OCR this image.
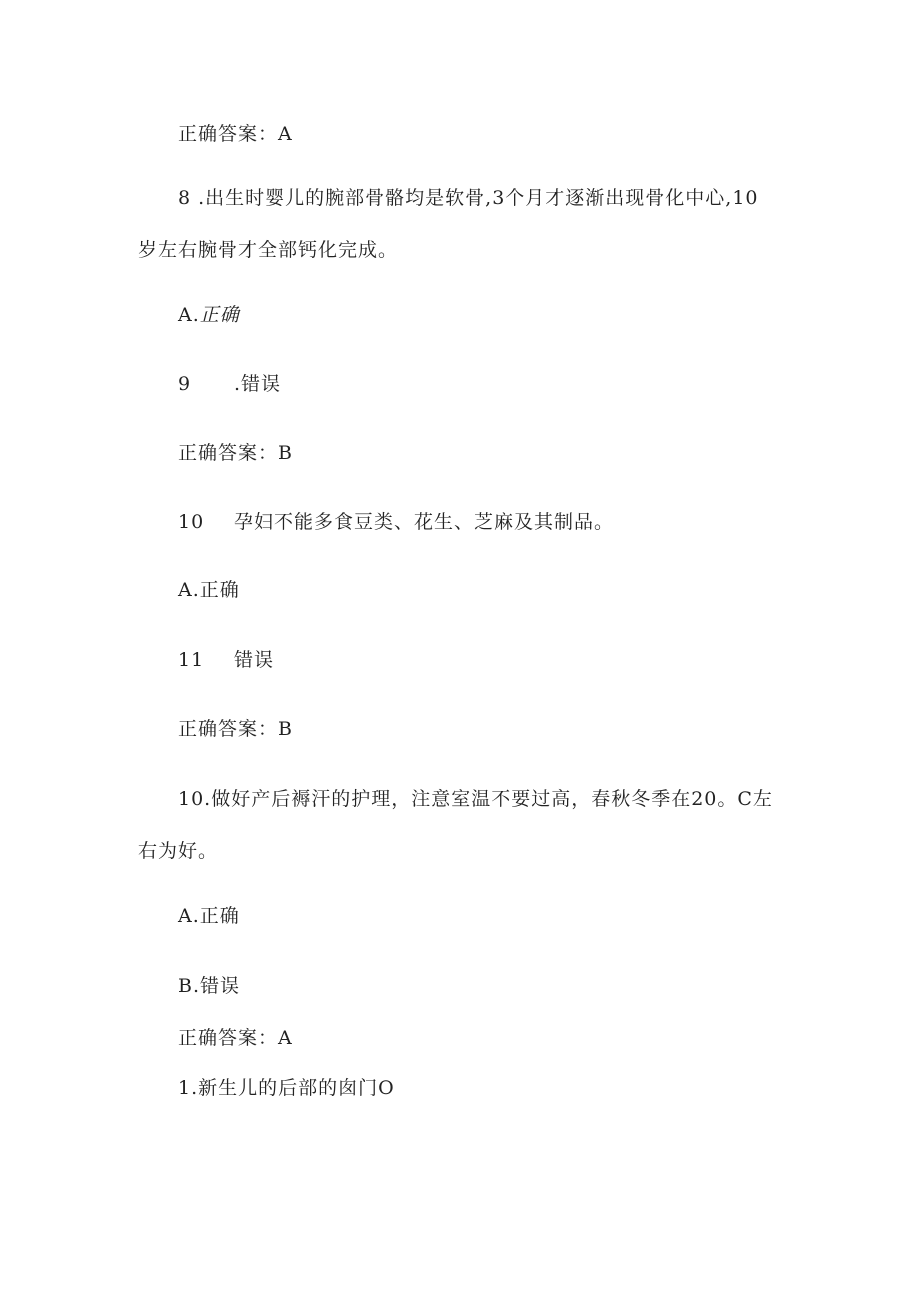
正确答案：A
8 .出生时婴儿的腕部骨骼均是软骨,3个月才逐渐出现骨化中心,10
岁左右腕骨才全部钙化完成。
A.正确
9 .错误
正确答案：B
10 孕妇不能多食豆类、花生、芝麻及其制品。
A.正确
11 错误
正确答案：B
10.做好产后褥汗的护理，注意室温不要过高，春秋冬季在20。C左
右为好。
A.正确
B.错误
正确答案：A
1.新生儿的后部的囱门O
